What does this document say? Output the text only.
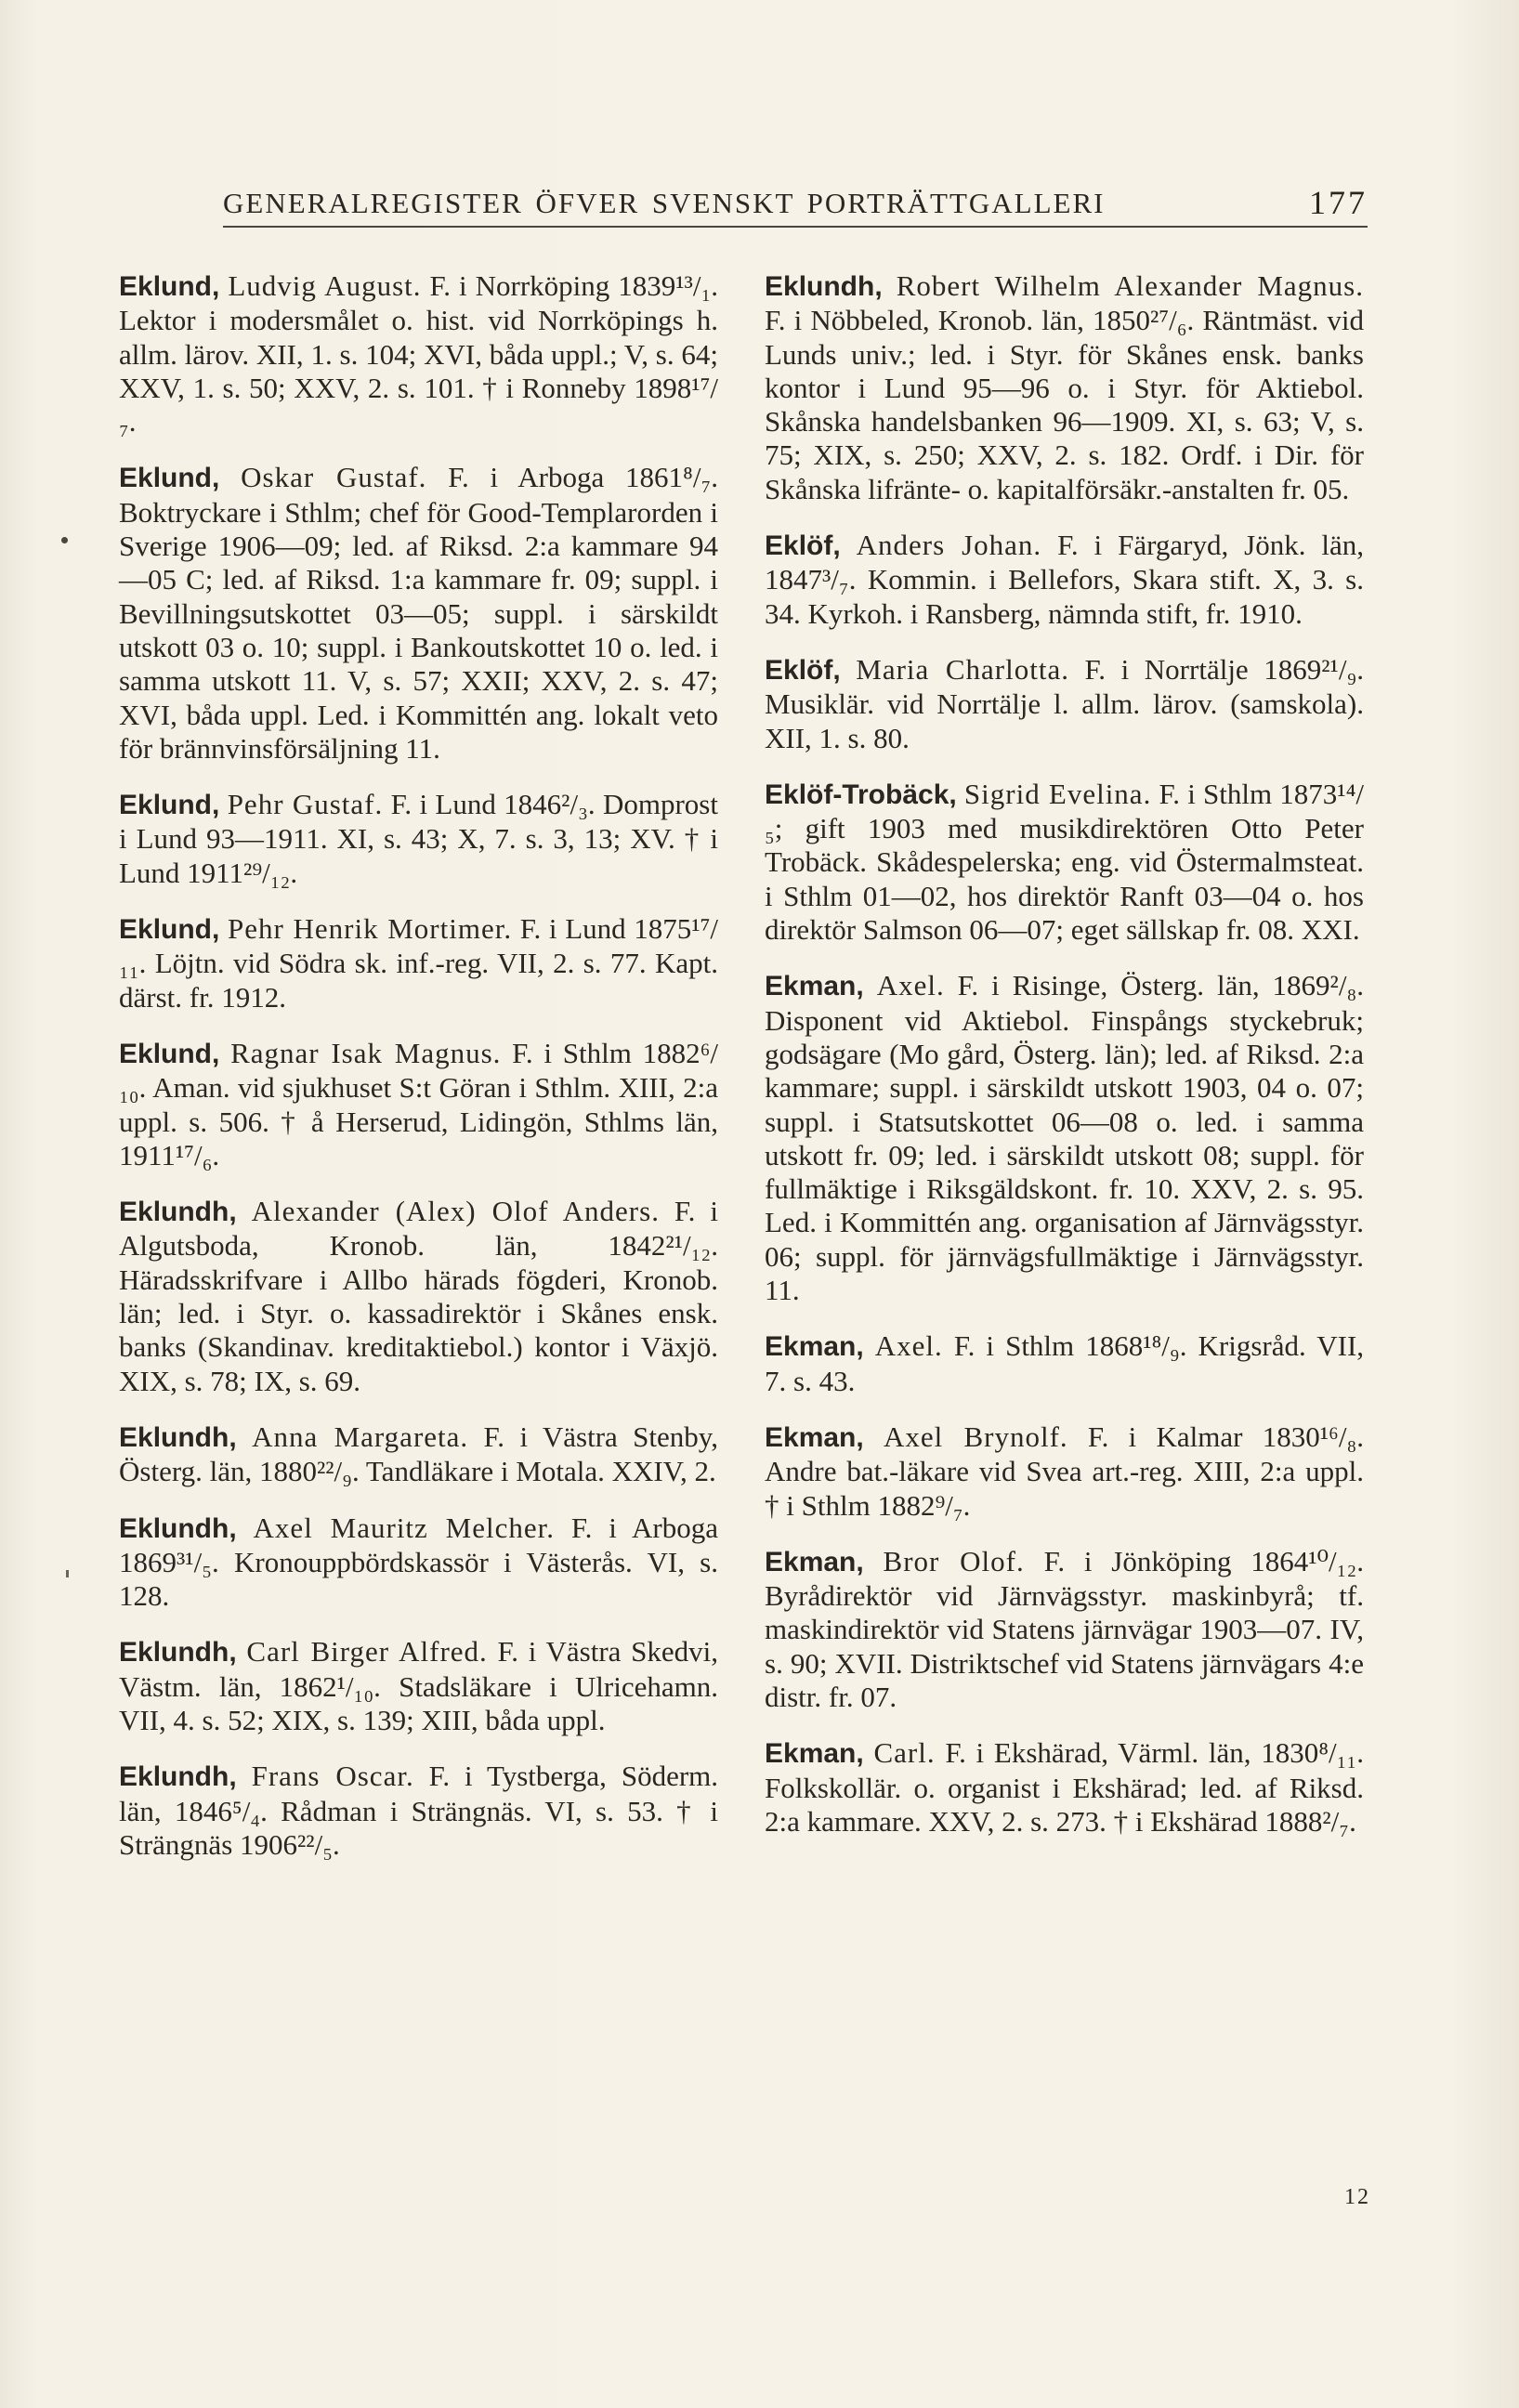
GENERALREGISTER ÖFVER SVENSKT PORTRÄTTGALLERI	177

Eklund, Ludvig August. F. i Norrköping 1839¹³/₁. Lektor i modersmålet o. hist. vid Norrköpings h. allm. lärov. XII, 1. s. 104; XVI, båda uppl.; V, s. 64; XXV, 1. s. 50; XXV, 2. s. 101. † i Ronneby 1898¹⁷/₇.

Eklund, Oskar Gustaf. F. i Arboga 1861⁸/₇. Boktryckare i Sthlm; chef för Good-Templarorden i Sverige 1906—09; led. af Riksd. 2:a kammare 94—05 C; led. af Riksd. 1:a kammare fr. 09; suppl. i Bevillningsutskottet 03—05; suppl. i särskildt utskott 03 o. 10; suppl. i Bankoutskottet 10 o. led. i samma utskott 11. V, s. 57; XXII; XXV, 2. s. 47; XVI, båda uppl. Led. i Kommittén ang. lokalt veto för brännvinsförsäljning 11.

Eklund, Pehr Gustaf. F. i Lund 1846²/₃. Domprost i Lund 93—1911. XI, s. 43; X, 7. s. 3, 13; XV. † i Lund 1911²⁹/₁₂.

Eklund, Pehr Henrik Mortimer. F. i Lund 1875¹⁷/₁₁. Löjtn. vid Södra sk. inf.-reg. VII, 2. s. 77. Kapt. därst. fr. 1912.

Eklund, Ragnar Isak Magnus. F. i Sthlm 1882⁶/₁₀. Aman. vid sjukhuset S:t Göran i Sthlm. XIII, 2:a uppl. s. 506. † å Herserud, Lidingön, Sthlms län, 1911¹⁷/₆.

Eklundh, Alexander (Alex) Olof Anders. F. i Algutsboda, Kronob. län, 1842²¹/₁₂. Häradsskrifvare i Allbo härads fögderi, Kronob. län; led. i Styr. o. kassadirektör i Skånes ensk. banks (Skandinav. kreditaktiebol.) kontor i Växjö. XIX, s. 78; IX, s. 69.

Eklundh, Anna Margareta. F. i Västra Stenby, Österg. län, 1880²²/₉. Tandläkare i Motala. XXIV, 2.

Eklundh, Axel Mauritz Melcher. F. i Arboga 1869³¹/₅. Kronouppbördskassör i Västerås. VI, s. 128.

Eklundh, Carl Birger Alfred. F. i Västra Skedvi, Västm. län, 1862¹/₁₀. Stadsläkare i Ulricehamn. VII, 4. s. 52; XIX, s. 139; XIII, båda uppl.

Eklundh, Frans Oscar. F. i Tystberga, Söderm. län, 1846⁵/₄. Rådman i Strängnäs. VI, s. 53. † i Strängnäs 1906²²/₅.

Eklundh, Robert Wilhelm Alexander Magnus. F. i Nöbbeled, Kronob. län, 1850²⁷/₆. Räntmäst. vid Lunds univ.; led. i Styr. för Skånes ensk. banks kontor i Lund 95—96 o. i Styr. för Aktiebol. Skånska handelsbanken 96—1909. XI, s. 63; V, s. 75; XIX, s. 250; XXV, 2. s. 182. Ordf. i Dir. för Skånska lifränte- o. kapitalförsäkr.-anstalten fr. 05.

Eklöf, Anders Johan. F. i Färgaryd, Jönk. län, 1847³/₇. Kommin. i Bellefors, Skara stift. X, 3. s. 34. Kyrkoh. i Ransberg, nämnda stift, fr. 1910.

Eklöf, Maria Charlotta. F. i Norrtälje 1869²¹/₉. Musiklär. vid Norrtälje l. allm. lärov. (samskola). XII, 1. s. 80.

Eklöf-Trobäck, Sigrid Evelina. F. i Sthlm 1873¹⁴/₅; gift 1903 med musikdirektören Otto Peter Trobäck. Skådespelerska; eng. vid Östermalmsteat. i Sthlm 01—02, hos direktör Ranft 03—04 o. hos direktör Salmson 06—07; eget sällskap fr. 08. XXI.

Ekman, Axel. F. i Risinge, Österg. län, 1869²/₈. Disponent vid Aktiebol. Finspångs styckebruk; godsägare (Mo gård, Österg. län); led. af Riksd. 2:a kammare; suppl. i särskildt utskott 1903, 04 o. 07; suppl. i Statsutskottet 06—08 o. led. i samma utskott fr. 09; led. i särskildt utskott 08; suppl. för fullmäktige i Riksgäldskont. fr. 10. XXV, 2. s. 95. Led. i Kommittén ang. organisation af Järnvägsstyr. 06; suppl. för järnvägsfullmäktige i Järnvägsstyr. 11.

Ekman, Axel. F. i Sthlm 1868¹⁸/₉. Krigsråd. VII, 7. s. 43.

Ekman, Axel Brynolf. F. i Kalmar 1830¹⁶/₈. Andre bat.-läkare vid Svea art.-reg. XIII, 2:a uppl. † i Sthlm 1882⁹/₇.

Ekman, Bror Olof. F. i Jönköping 1864¹⁰/₁₂. Byrådirektör vid Järnvägsstyr. maskinbyrå; tf. maskindirektör vid Statens järnvägar 1903—07. IV, s. 90; XVII. Distriktschef vid Statens järnvägars 4:e distr. fr. 07.

Ekman, Carl. F. i Ekshärad, Värml. län, 1830⁸/₁₁. Folkskollär. o. organist i Ekshärad; led. af Riksd. 2:a kammare. XXV, 2. s. 273. † i Ekshärad 1888²/₇.

12
